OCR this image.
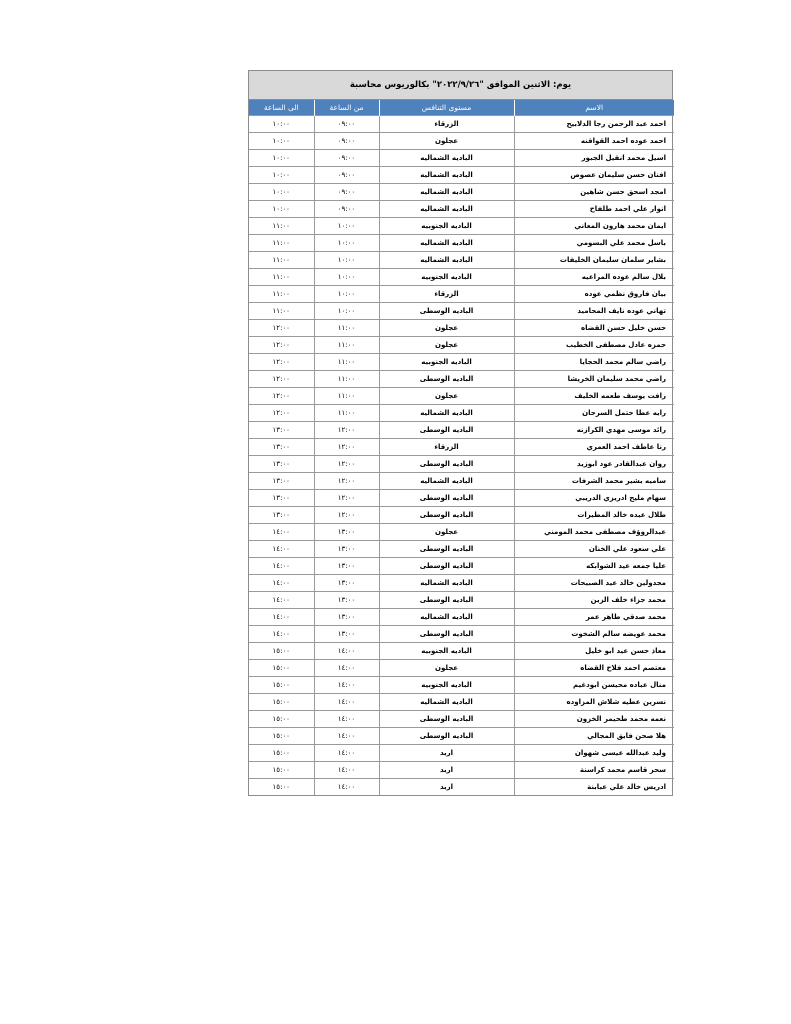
يوم: الاثنين الموافق "٢٠٢٢/٩/٢٦" بكالوريوس محاسبة
الاسم	مستوى التنافس	من الساعة	الى الساعة
احمد عبد الرحمن رجا الدلابيح	الزرقاء	٠٩:٠٠	١٠:٠٠
احمد عوده احمد القواقنه	عجلون	٠٩:٠٠	١٠:٠٠
اسيل محمد انقيل الجبور	الباديه الشماليه	٠٩:٠٠	١٠:٠٠
افنان حسن سليمان عصوص	الباديه الشماليه	٠٩:٠٠	١٠:٠٠
امجد اسحق حسن شاهين	الباديه الشماليه	٠٩:٠٠	١٠:٠٠
انوار علي احمد طلفاح	الباديه الشماليه	٠٩:٠٠	١٠:٠٠
ايمان محمد هارون المعاني	الباديه الجنوبيه	١٠:٠٠	١١:٠٠
باسل محمد علي البسومي	الباديه الشماليه	١٠:٠٠	١١:٠٠
بشاير سلمان سليمان الخليفات	الباديه الشماليه	١٠:٠٠	١١:٠٠
بلال سالم عوده المراعيه	الباديه الجنوبيه	١٠:٠٠	١١:٠٠
بيان فاروق نظمي عوده	الزرقاء	١٠:٠٠	١١:٠٠
تهاني عوده نايف المحاميد	الباديه الوسطى	١٠:٠٠	١١:٠٠
حسن خليل حسن القضاه	عجلون	١١:٠٠	١٢:٠٠
حمزه عادل مصطفى الخطيب	عجلون	١١:٠٠	١٢:٠٠
راضي سالم محمد الحجايا	الباديه الجنوبيه	١١:٠٠	١٢:٠٠
راضي محمد سليمان الخريشا	الباديه الوسطى	١١:٠٠	١٢:٠٠
رافت يوسف طعمه الخليف	عجلون	١١:٠٠	١٢:٠٠
رايه عطا حتمل السرحان	الباديه الشماليه	١١:٠٠	١٢:٠٠
رائد موسى مهدي الكرازنه	الباديه الوسطى	١٢:٠٠	١٣:٠٠
رنا عاطف احمد العمري	الزرقاء	١٢:٠٠	١٣:٠٠
روان عبدالقادر عود ابوزيد	الباديه الوسطى	١٢:٠٠	١٣:٠٠
ساميه بشير محمد الشرفات	الباديه الشماليه	١٢:٠٠	١٣:٠٠
سهام مليح ادريزي الدريبي	الباديه الوسطى	١٢:٠٠	١٣:٠٠
طلال عيده خالد المطيرات	الباديه الوسطى	١٢:٠٠	١٣:٠٠
عبدالروؤف مصطفى محمد المومني	عجلون	١٣:٠٠	١٤:٠٠
علي سعود علي الخنان	الباديه الوسطى	١٣:٠٠	١٤:٠٠
عليا جمعه عيد الشوابكه	الباديه الوسطى	١٣:٠٠	١٤:٠٠
مجدولين خالد عيد الصبيحات	الباديه الشماليه	١٣:٠٠	١٤:٠٠
محمد جزاء خلف الزين	الباديه الوسطى	١٣:٠٠	١٤:٠٠
محمد صدقي طاهر عمر	الباديه الشماليه	١٣:٠٠	١٤:٠٠
محمد عويضه سالم الشخوت	الباديه الوسطى	١٣:٠٠	١٤:٠٠
معاذ حسن عيد ابو خليل	الباديه الجنوبيه	١٤:٠٠	١٥:٠٠
معتصم احمد فلاح القضاه	عجلون	١٤:٠٠	١٥:٠٠
منال عباده محيسن ابودغيم	الباديه الجنوبيه	١٤:٠٠	١٥:٠٠
نسرين عطيه شلاش المزاوده	الباديه الشماليه	١٤:٠٠	١٥:٠٠
نعمه محمد طحيمر الخزون	الباديه الوسطى	١٤:٠٠	١٥:٠٠
هلا صحن فايق المجالي	الباديه الوسطى	١٤:٠٠	١٥:٠٠
وليد عبدالله عيسى شهوان	اربد	١٤:٠٠	١٥:٠٠
سحر قاسم محمد كراسنة	اربد	١٤:٠٠	١٥:٠٠
ادريس خالد علي عبابنة	اربد	١٤:٠٠	١٥:٠٠
